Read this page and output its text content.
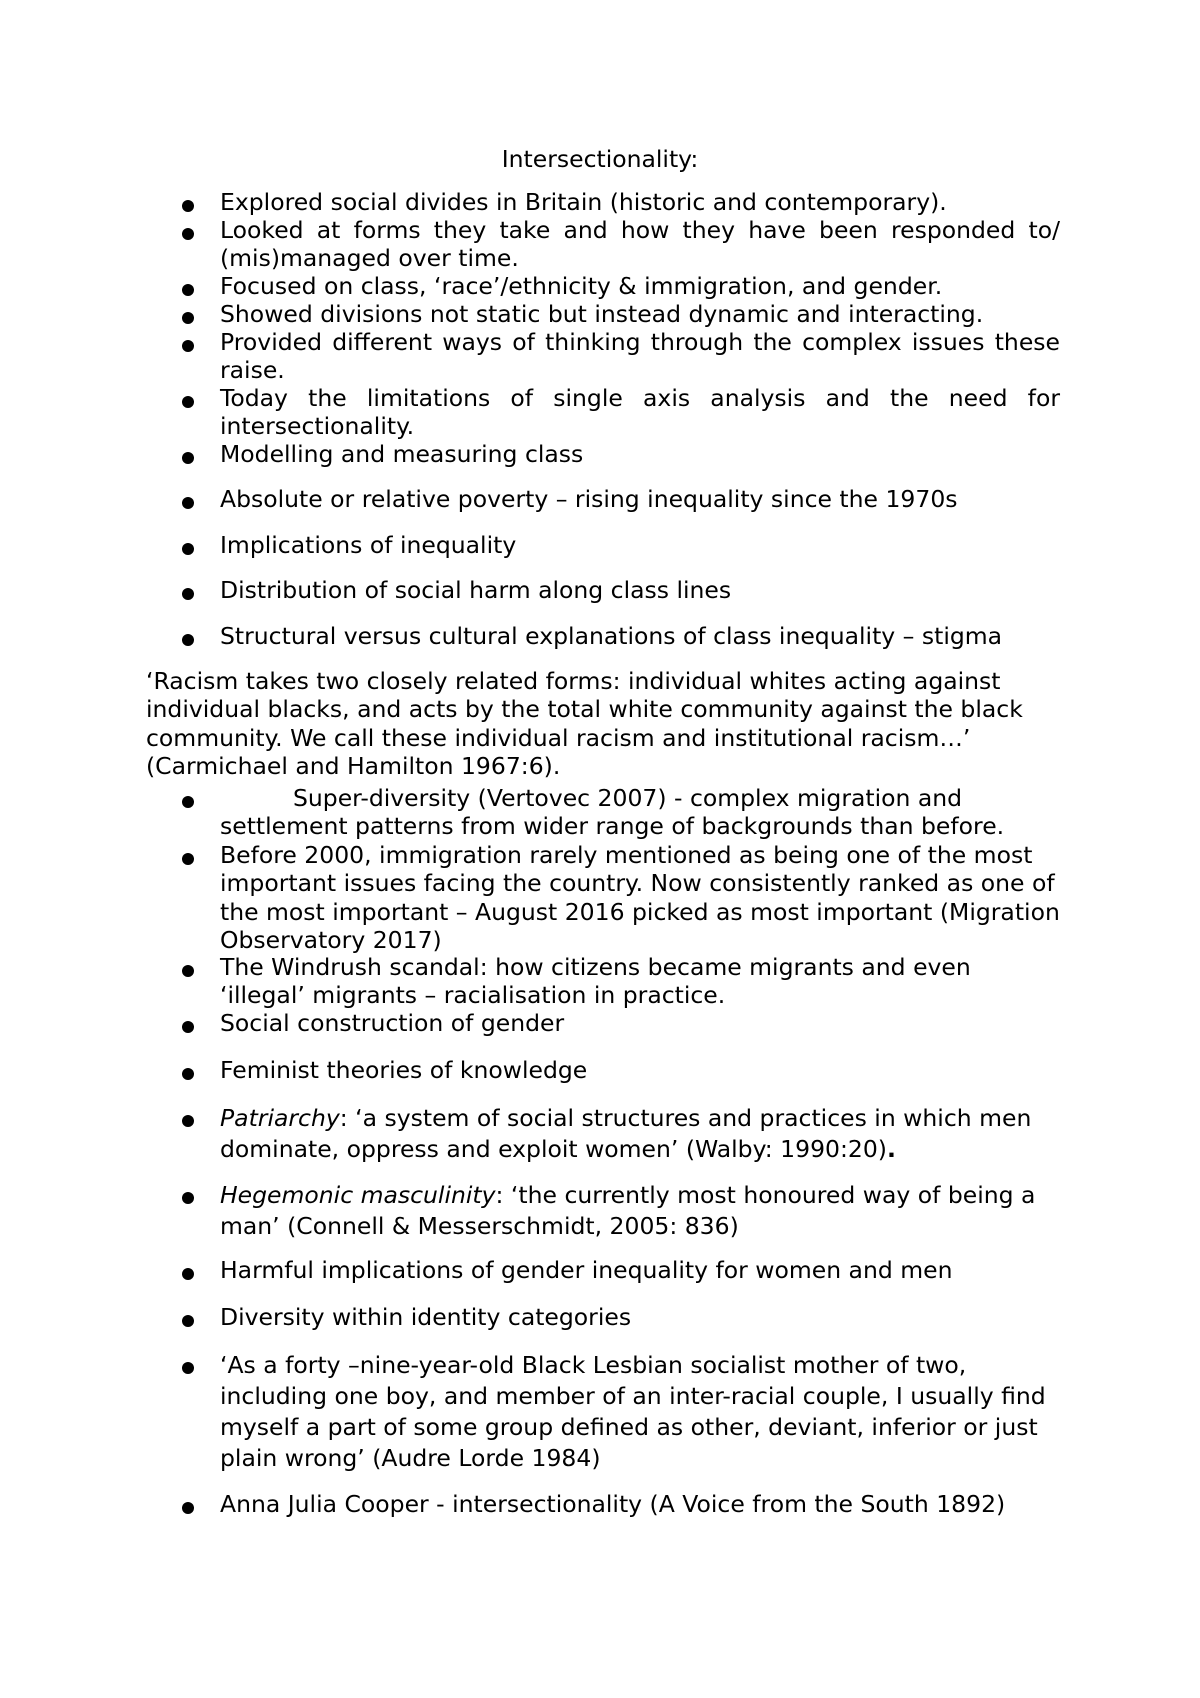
Intersectionality:
Explored social divides in Britain (historic and contemporary).
Looked at forms they take and how they have been responded to/ (mis)managed over time.
Focused on class, ‘race’/ethnicity & immigration, and gender.
Showed divisions not static but instead dynamic and interacting.
Provided different ways of thinking through the complex issues these raise.
Today the limitations of single axis analysis and the need for intersectionality.
Modelling and measuring class
Absolute or relative poverty – rising inequality since the 1970s
Implications of inequality
Distribution of social harm along class lines
Structural versus cultural explanations of class inequality – stigma
‘Racism takes two closely related forms: individual whites acting against individual blacks, and acts by the total white community against the black community. We call these individual racism and institutional racism…’ (Carmichael and Hamilton 1967:6).
Super-diversity (Vertovec 2007) - complex migration and settlement patterns from wider range of backgrounds than before.
Before 2000, immigration rarely mentioned as being one of the most important issues facing the country. Now consistently ranked as one of the most important – August 2016 picked as most important (Migration Observatory 2017)
The Windrush scandal: how citizens became migrants and even ‘illegal’ migrants – racialisation in practice.
Social construction of gender
Feminist theories of knowledge
Patriarchy: ‘a system of social structures and practices in which men dominate, oppress and exploit women’ (Walby: 1990:20).
Hegemonic masculinity: ‘the currently most honoured way of being a man’ (Connell & Messerschmidt, 2005: 836)
Harmful implications of gender inequality for women and men
Diversity within identity categories
‘As a forty –nine-year-old Black Lesbian socialist mother of two, including one boy, and member of an inter-racial couple, I usually find myself a part of some group defined as other, deviant, inferior or just plain wrong’ (Audre Lorde 1984)
Anna Julia Cooper - intersectionality (A Voice from the South 1892)
